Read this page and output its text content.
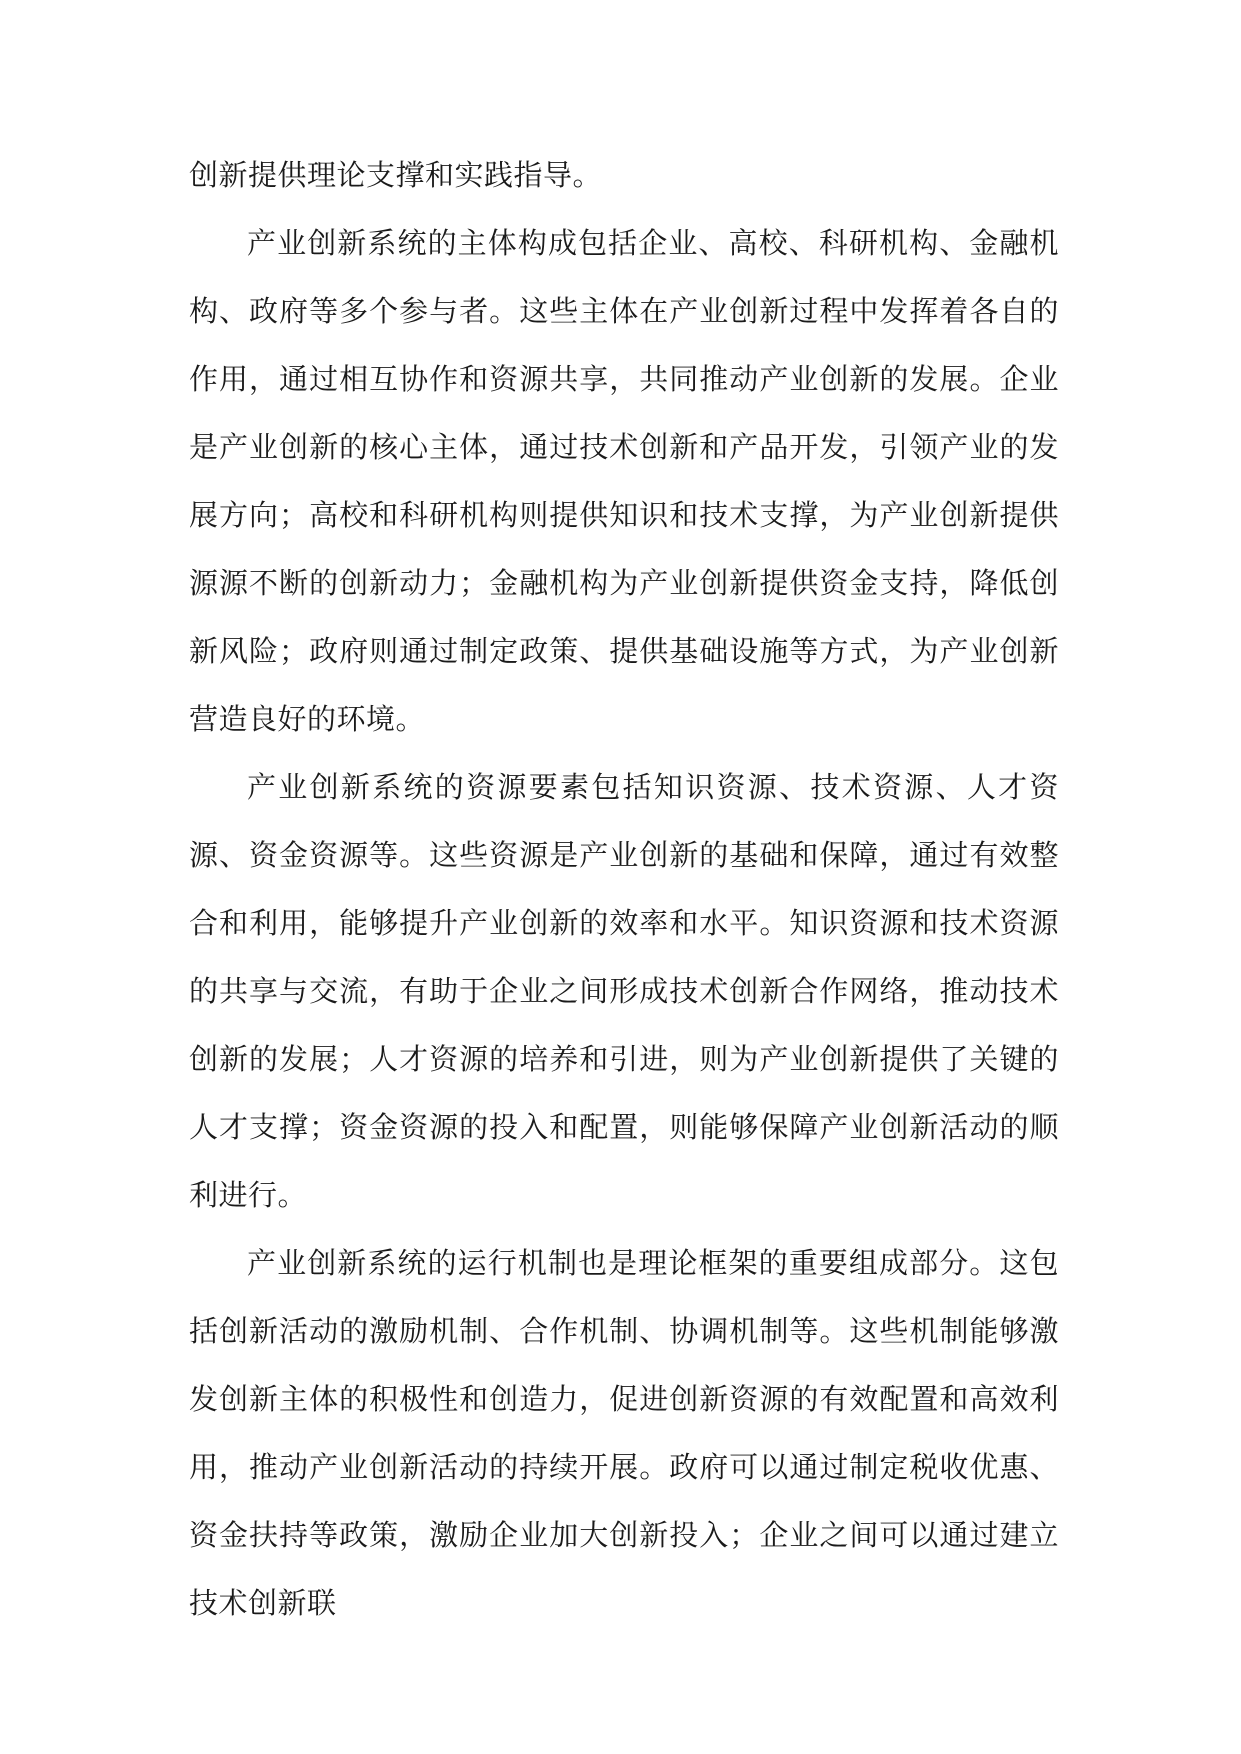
创新提供理论支撑和实践指导。

产业创新系统的主体构成包括企业、高校、科研机构、金融机构、政府等多个参与者。这些主体在产业创新过程中发挥着各自的作用，通过相互协作和资源共享，共同推动产业创新的发展。企业是产业创新的核心主体，通过技术创新和产品开发，引领产业的发展方向；高校和科研机构则提供知识和技术支撑，为产业创新提供源源不断的创新动力；金融机构为产业创新提供资金支持，降低创新风险；政府则通过制定政策、提供基础设施等方式，为产业创新营造良好的环境。

产业创新系统的资源要素包括知识资源、技术资源、人才资源、资金资源等。这些资源是产业创新的基础和保障，通过有效整合和利用，能够提升产业创新的效率和水平。知识资源和技术资源的共享与交流，有助于企业之间形成技术创新合作网络，推动技术创新的发展；人才资源的培养和引进，则为产业创新提供了关键的人才支撑；资金资源的投入和配置，则能够保障产业创新活动的顺利进行。

产业创新系统的运行机制也是理论框架的重要组成部分。这包括创新活动的激励机制、合作机制、协调机制等。这些机制能够激发创新主体的积极性和创造力，促进创新资源的有效配置和高效利用，推动产业创新活动的持续开展。政府可以通过制定税收优惠、资金扶持等政策，激励企业加大创新投入；企业之间可以通过建立技术创新联
